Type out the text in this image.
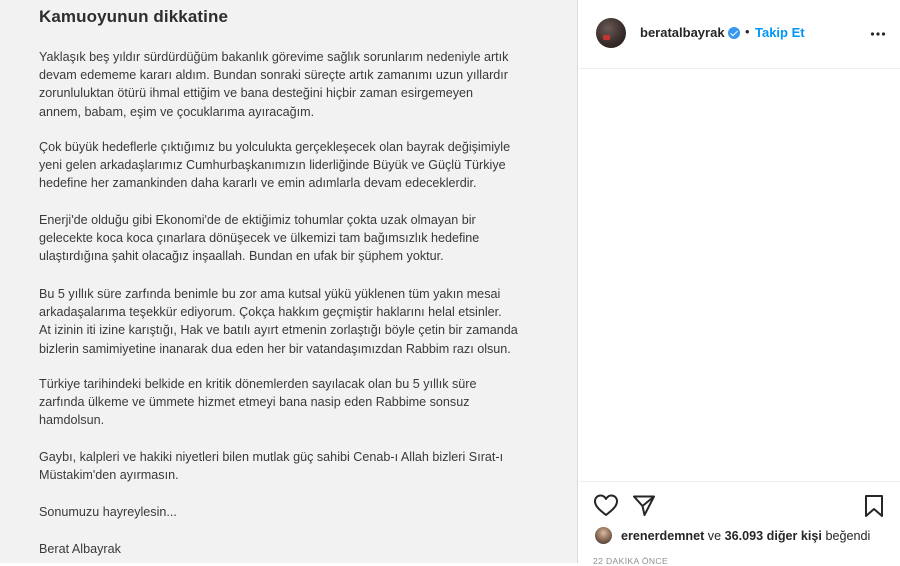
Kamuoyunun dikkatine

Yaklaşık beş yıldır sürdürdüğüm bakanlık görevime sağlık sorunlarım nedeniyle artık
devam edememe kararı aldım. Bundan sonraki süreçte artık zamanımı uzun yıllardır
zorunluluktan ötürü ihmal ettiğim ve bana desteğini hiçbir zaman esirgemeyen
annem, babam, eşim ve çocuklarıma ayıracağım.

Çok büyük hedeflerle çıktığımız bu yolculukta gerçekleşecek olan bayrak değişimiyle
yeni gelen arkadaşlarımız Cumhurbaşkanımızın liderliğinde Büyük ve Güçlü Türkiye
hedefine her zamankinden daha kararlı ve emin adımlarla devam edeceklerdir.

Enerji'de olduğu gibi Ekonomi'de de ektiğimiz tohumlar çokta uzak olmayan bir
gelecekte koca koca çınarlara dönüşecek ve ülkemizi tam bağımsızlık hedefine
ulaştırdığına şahit olacağız inşaallah. Bundan en ufak bir şüphem yoktur.

Bu 5 yıllık süre zarfında benimle bu zor ama kutsal yükü yüklenen tüm yakın mesai
arkadaşalarıma teşekkür ediyorum. Çokça hakkım geçmiştir haklarını helal etsinler.
At izinin iti izine karıştığı, Hak ve batılı ayırt etmenin zorlaştığı böyle çetin bir zamanda
bizlerin samimiyetine inanarak dua eden her bir vatandaşımızdan Rabbim razı olsun.

Türkiye tarihindeki belkide en kritik dönemlerden sayılacak olan bu 5 yıllık süre
zarfında ülkeme ve ümmete hizmet etmeyi bana nasip eden Rabbime sonsuz
hamdolsun.

Gaybı, kalpleri ve hakiki niyetleri bilen mutlak güç sahibi Cenab-ı Allah bizleri Sırat-ı
Müstakim'den ayırmasın.

Sonumuzu hayreylesin...

Berat Albayrak

beratalbayrak • Takip Et
erenerdemnet ve 36.093 diğer kişi beğendi
22 DAKİKA ÖNCE
